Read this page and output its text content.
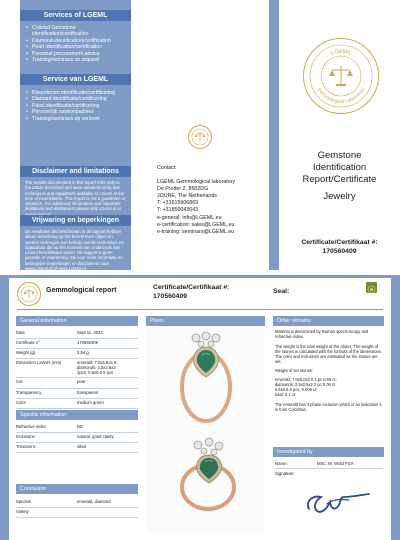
Services of LGEML
• Colored Gemstone identification/certification
• Diamond identification/certification
• Pearl identification/certification
• Personal procurement advice
• Training/seminars on request
Service van LGEML
• Kleurstenen identificatie/certificering
• Diamant identificatie/certificering
• Parel identificatie/certificering
• Persoonlijk aankoopadvies
• Training/seminars op verzoek
Disclaimer and limitations
The results documented in this report refer only to the article described and were obtained using test techniques and equipment available to LGeml at the time of examination. This report is not a guarantee or valuation. For additional information and important limitations and disclaimers please visit LGeml.nl or
Vrijwaring en beperkingen
De resultaten als beschreven in dit rapport hebben alleen betrekking op het beschreven object en werden verkregen met behulp van de technieken en apparatuur die op het moment van onderzoek aan LGeml beschikbaar waren. Dit rapport is geen garantie of waardering. Zie voor meer informatie en belangrijke beperkingen en disclaimers naar www.LGeml.nl of www.LGeml.nl.
Contact:
LGEML Gemmological laboratory
De Protter 2, 8502DG
JOURE, The Netherlands
T: +31615906869
T: +31850043643
e-general: info@LGEML.eu
e-certification: sales@LGEML.eu
e-training: seminars@LGEML.eu
LGeML
Gemmological Laboratory
Gemstone
Identification
Report/Certificate
Jewelry
Certificate/Certifikaat #:
170560409
Gemmological report	Certificate/Certifikaat #:
170560409
Seal:
General information
Date	Sept 11, 2022
Certificate n°	170560409
Weight (g)	3.54 g
Dimension LxWxH (mm)	emerald: 7.0x5.0x3.0;
diamonds: 2.5x2.5x2
2pcs; 0.6x0.6 6 pcs
Cut	pear
Transparency	transparent
Color	medium green
Specific information
Refractive index	ND
Inclusions	natural, good clarity
Treatment	oiled
Conclusion
Species	emerald, diamond
Variety
Photo	Other remarks
Material is determined by Raman spectroscopy and refractive index.
The weight is the total weight of the object. The weight of the stones is calculated with the formula of the dimensions. The color and inclusions are estimated as the stones are set.
Weight of set stones:
emerald: 7.0x5.0x3.0 1 pc 0.55 ct;
diamonds: 2.5x2.5x2 2 pc 0.06 ct
0.6x0.6 6 pcs, 0.005 ct;
total: 0.1 ct.
The emerald has 3 phase inclusion which is an indication it is from Colombia.
Investigated by
Name:	MSc. W. Wold FGA
Signature:
